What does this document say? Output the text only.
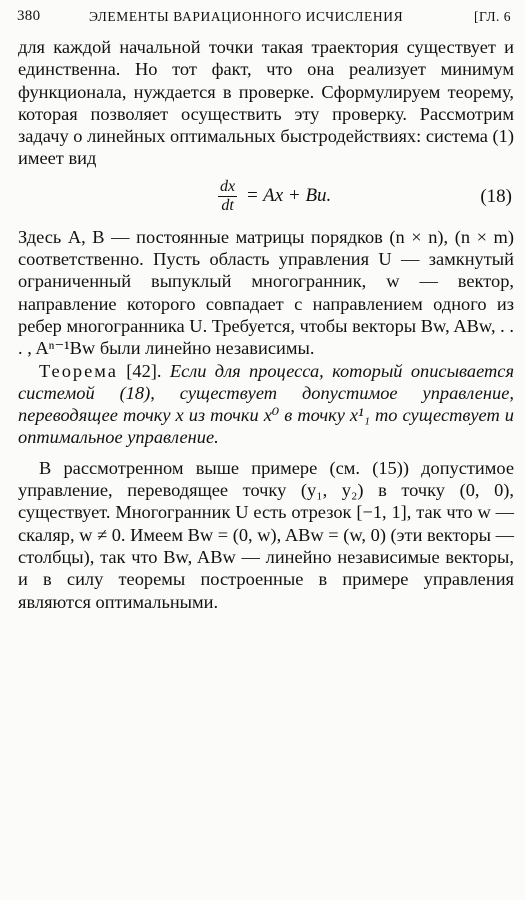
380	ЭЛЕМЕНТЫ ВАРИАЦИОННОГО ИСЧИСЛЕНИЯ	[ГЛ. 6

для каждой начальной точки такая траектория существует и единственна. Но тот факт, что она реализует минимум функционала, нуждается в проверке. Сформулируем теорему, которая позволяет осуществить эту проверку. Рассмотрим задачу о линейных оптимальных быстродействиях: система (1) имеет вид

$\frac{dx}{dt} = Ax + Bu$.	(18)

Здесь A, B — постоянные матрицы порядков (n × n), (n × m) соответственно. Пусть область управления U — замкнутый ограниченный выпуклый многогранник, w — вектор, направление которого совпадает с направлением одного из ребер многогранника U. Требуется, чтобы векторы Bw, ABw, . . . , Aⁿ⁻¹Bw были линейно независимы.

Теорема [42]. Если для процесса, который описывается системой (18), существует допустимое управление, переводящее точку x из точки x⁰ в точку x¹₁ то существует и оптимальное управление.

В рассмотренном выше примере (см. (15)) допустимое управление, переводящее точку (y₁, y₂) в точку (0, 0), существует. Многогранник U есть отрезок [−1, 1], так что w — скаляр, w ≠ 0. Имеем Bw = (0, w), ABw = (w, 0) (эти векторы — столбцы), так что Bw, ABw — линейно независимые векторы, и в силу теоремы построенные в примере управления являются оптимальными.
